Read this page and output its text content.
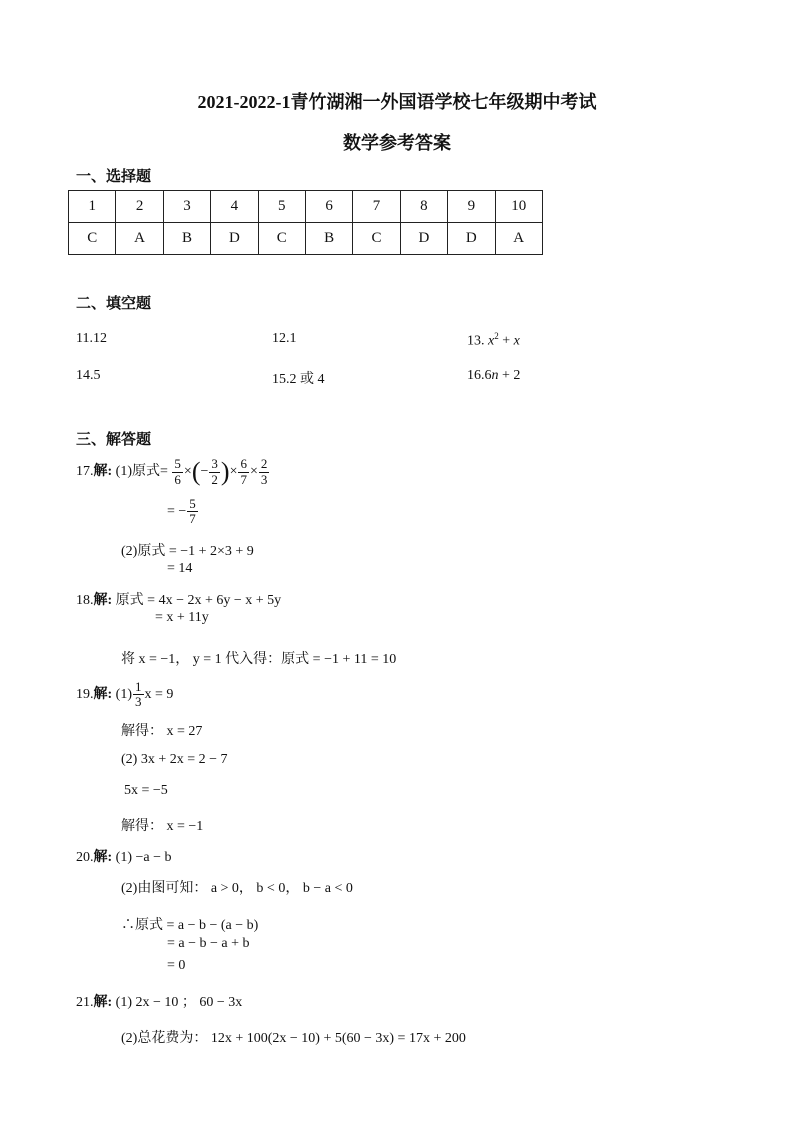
2021-2022-1青竹湖湘一外国语学校七年级期中考试
数学参考答案
一、选择题
1	2	3	4	5	6	7	8	9	10
C	A	B	D	C	B	C	D	D	A
二、填空题
11.12	12.1	13. $x^2 + x$
14.5	15.2 或 4	16.6n + 2
三、解答题
17.解: (1)原式= $\frac{5}{6}$ ×(− $\frac{3}{2}$ )× $\frac{6}{7} \times \frac{2}{3}$
= − $\frac{5}{7}$
(2)原式 = −1 + 2×3 + 9
= 14
18.解: 原式 = 4x − 2x + 6y − x + 5y
= x + 11y
将 x = −1， y = 1 代入得：原式 = −1 + 11 = 10
19.解: $(1) \frac{1}{3}$ x = 9
解得： x = 27
(2) 3x + 2x = 2 − 7
5x = −5
解得： x = −1
20.解: (1) −a − b
(2)由图可知： a > 0， b < 0， b − a < 0
∴原式 = a − b − (a − b)
= a − b − a + b
= 0
21.解: (1) 2x − 10 ； 60 − 3x
(2)总花费为： 12x + 100(2x − 10) + 5(60 − 3x) = 17x + 200
